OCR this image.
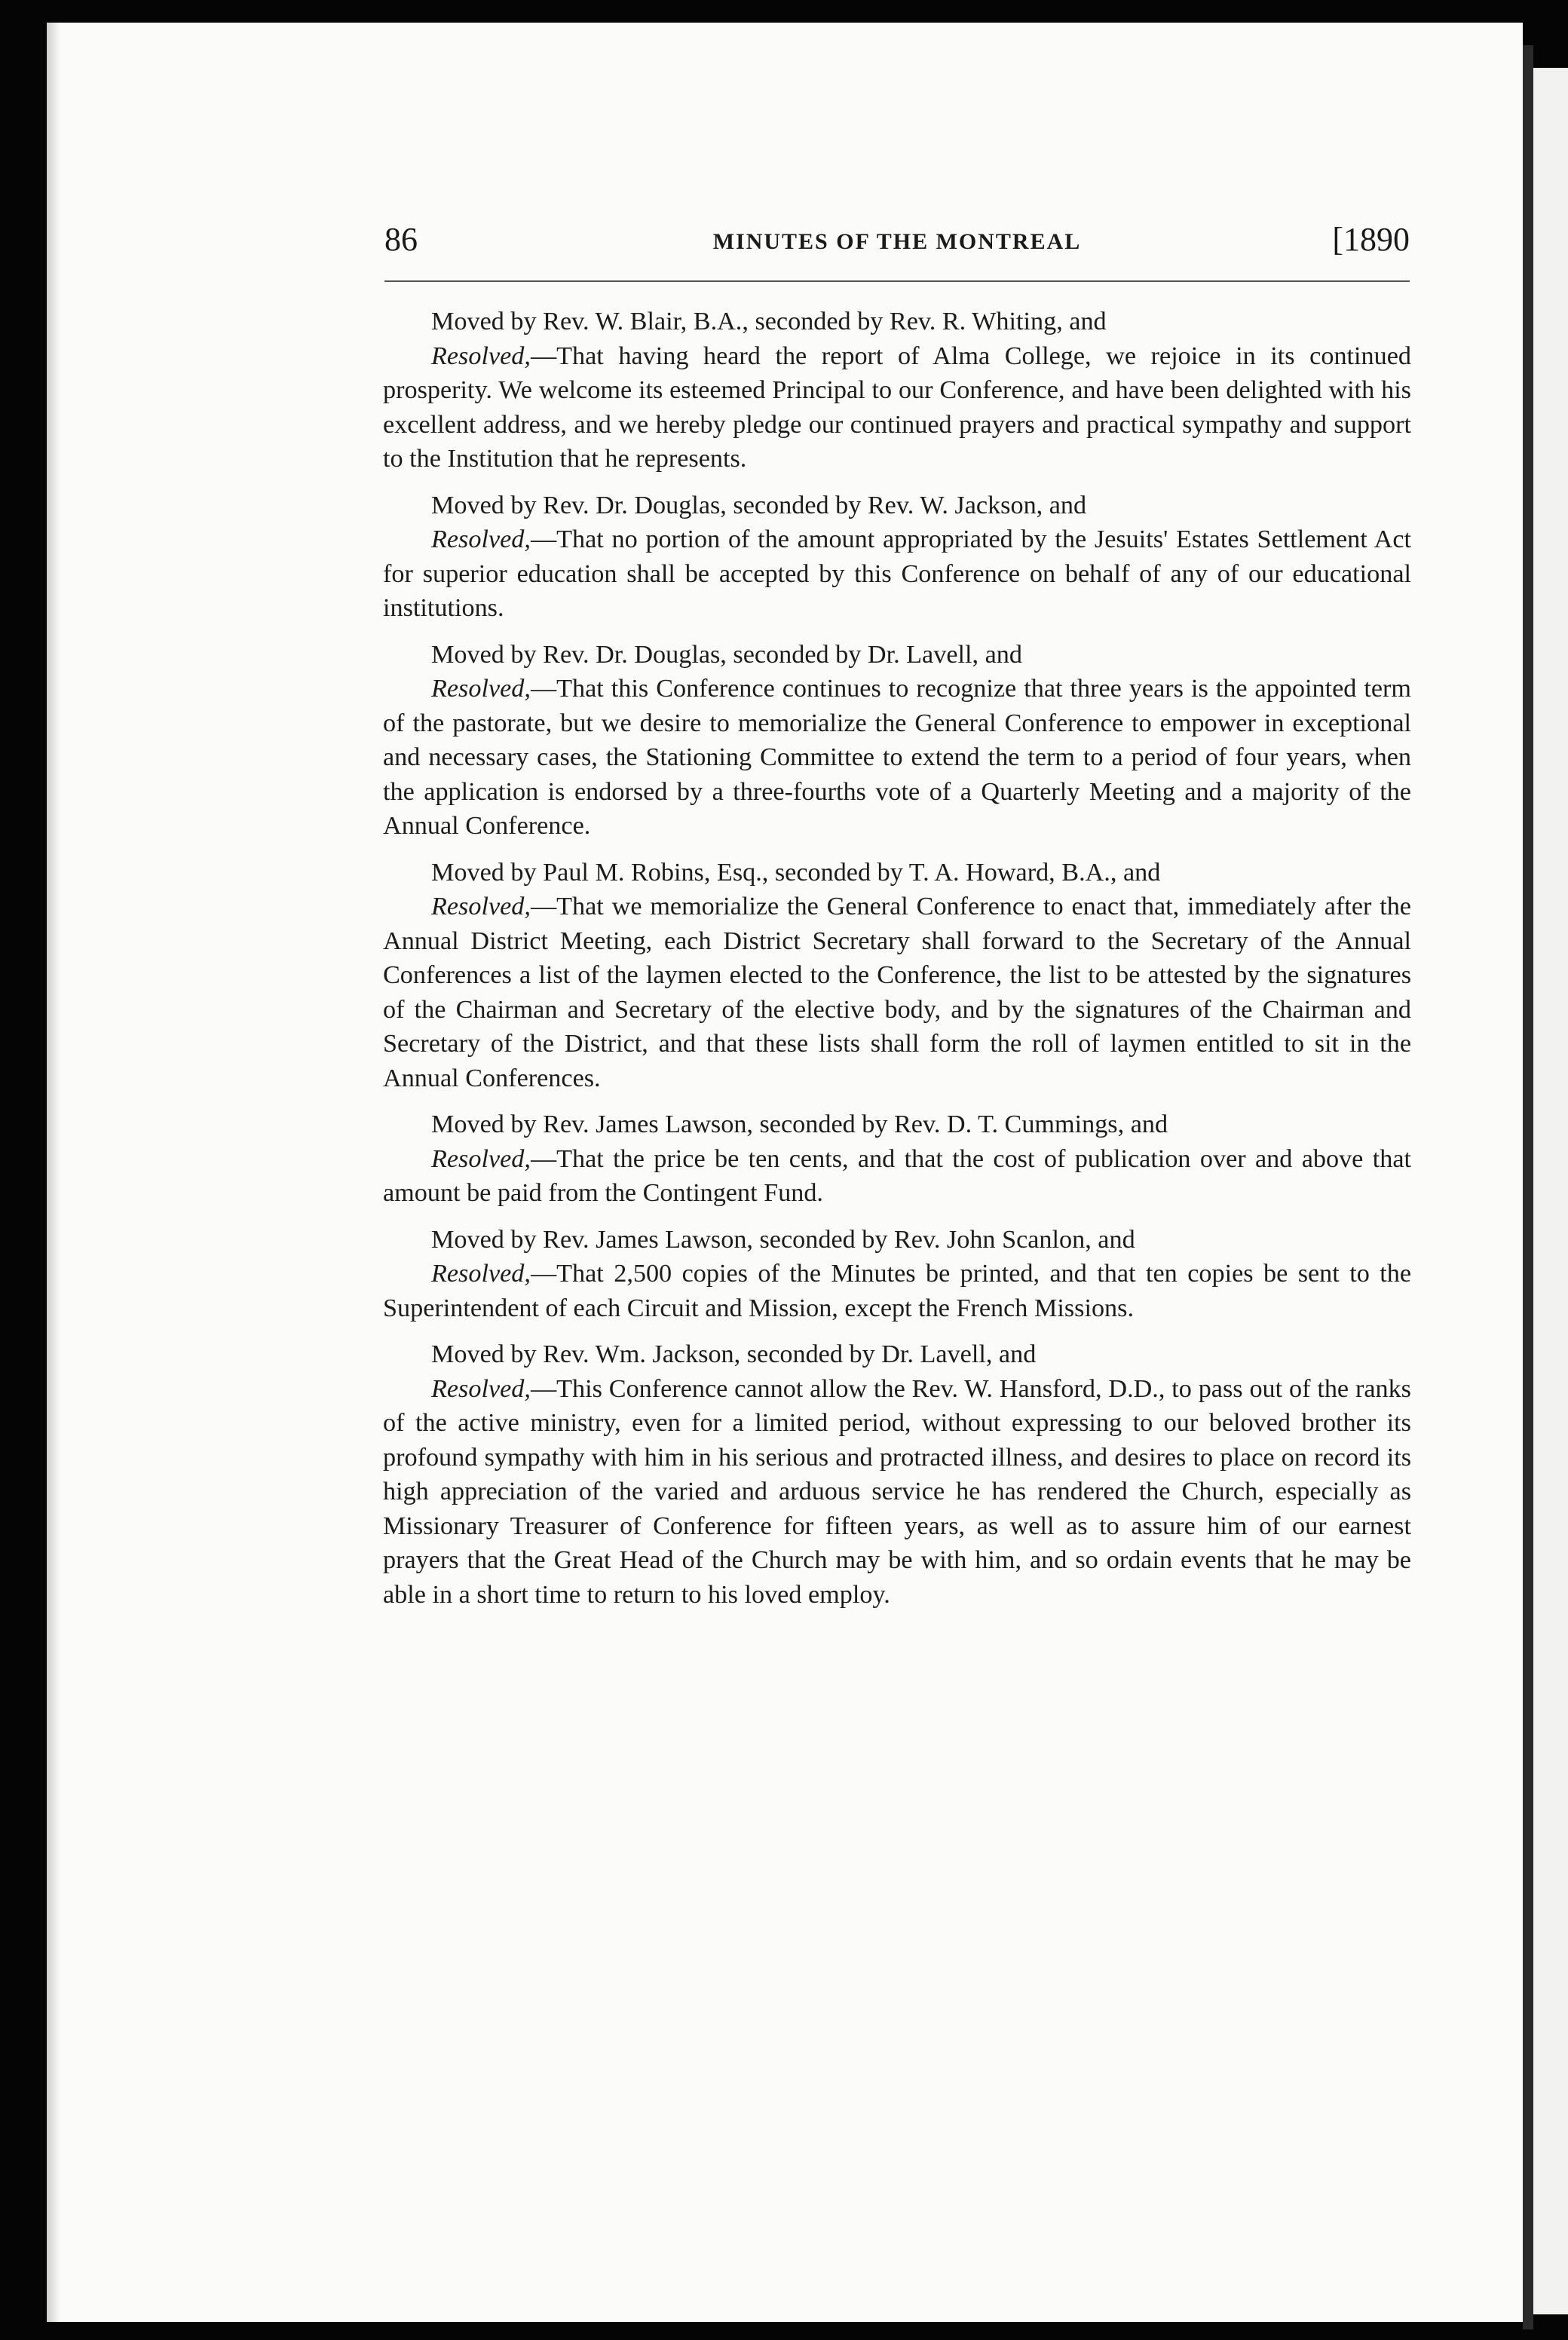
86	MINUTES OF THE MONTREAL	[1890

Moved by Rev. W. Blair, B.A., seconded by Rev. R. Whiting, and

Resolved,—That having heard the report of Alma College, we rejoice in its continued prosperity. We welcome its esteemed Principal to our Conference, and have been delighted with his excellent address, and we hereby pledge our continued prayers and practical sympathy and support to the Institution that he represents.

Moved by Rev. Dr. Douglas, seconded by Rev. W. Jackson, and

Resolved,—That no portion of the amount appropriated by the Jesuits' Estates Settlement Act for superior education shall be accepted by this Conference on behalf of any of our educational institutions.

Moved by Rev. Dr. Douglas, seconded by Dr. Lavell, and

Resolved,—That this Conference continues to recognize that three years is the appointed term of the pastorate, but we desire to memorialize the General Conference to empower in exceptional and necessary cases, the Stationing Committee to extend the term to a period of four years, when the application is endorsed by a three-fourths vote of a Quarterly Meeting and a majority of the Annual Conference.

Moved by Paul M. Robins, Esq., seconded by T. A. Howard, B.A., and

Resolved,—That we memorialize the General Conference to enact that, immediately after the Annual District Meeting, each District Secretary shall forward to the Secretary of the Annual Conferences a list of the laymen elected to the Conference, the list to be attested by the signatures of the Chairman and Secretary of the elective body, and by the signatures of the Chairman and Secretary of the District, and that these lists shall form the roll of laymen entitled to sit in the Annual Conferences.

Moved by Rev. James Lawson, seconded by Rev. D. T. Cummings, and

Resolved,—That the price be ten cents, and that the cost of publication over and above that amount be paid from the Contingent Fund.

Moved by Rev. James Lawson, seconded by Rev. John Scanlon, and

Resolved,—That 2,500 copies of the Minutes be printed, and that ten copies be sent to the Superintendent of each Circuit and Mission, except the French Missions.

Moved by Rev. Wm. Jackson, seconded by Dr. Lavell, and

Resolved,—This Conference cannot allow the Rev. W. Hansford, D.D., to pass out of the ranks of the active ministry, even for a limited period, without expressing to our beloved brother its profound sympathy with him in his serious and protracted illness, and desires to place on record its high appreciation of the varied and arduous service he has rendered the Church, especially as Missionary Treasurer of Conference for fifteen years, as well as to assure him of our earnest prayers that the Great Head of the Church may be with him, and so ordain events that he may be able in a short time to return to his loved employ.
